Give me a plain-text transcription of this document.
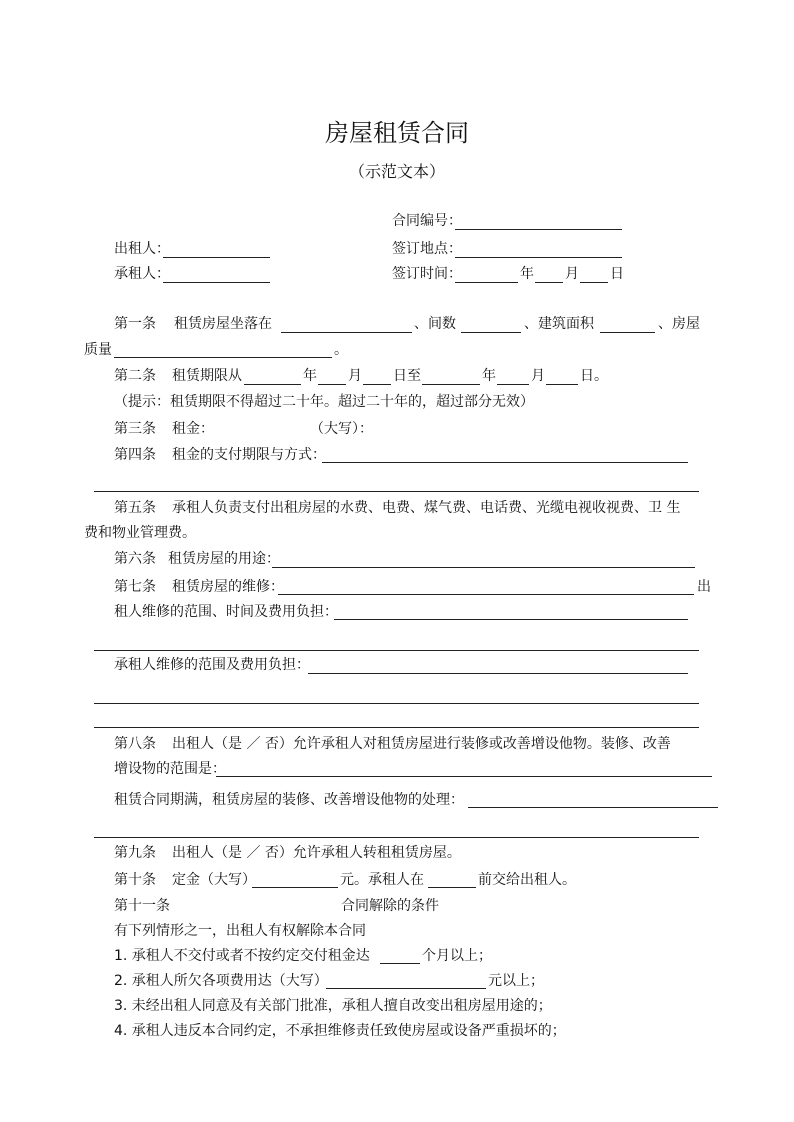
房屋租赁合同
（示范文本）
合同编号：
出租人：	签订地点：
承租人：	签订时间：	年 月 日
第一条 租赁房屋坐落在	、间数	、建筑面积	、房屋
质量	。
第二条 租赁期限从	年 月 日至	年	月	日。
（提示：租赁期限不得超过二十年。超过二十年的，超过部分无效）
第三条 租金：	（大写）：
第四条 租金的支付期限与方式：
第五条 承租人负责支付出租房屋的水费、电费、煤气费、电话费、光缆电视收视费、卫 生
费和物业管理费。
第六条 租赁房屋的用途：
第七条 租赁房屋的维修：	出
租人维修的范围、时间及费用负担：
承租人维修的范围及费用负担：
第八条 出租人（是 ／ 否）允许承租人对租赁房屋进行装修或改善增设他物。装修、改善
增设物的范围是：
租赁合同期满，租赁房屋的装修、改善增设他物的处理：
第九条 出租人（是 ／ 否）允许承租人转租租赁房屋。
第十条 定金（大写）	元。承租人在	前交给出租人。
第十一条	合同解除的条件
有下列情形之一，出租人有权解除本合同
1. 承租人不交付或者不按约定交付租金达	个月以上；
2. 承租人所欠各项费用达（大写）	元以上；
3. 未经出租人同意及有关部门批准，承租人擅自改变出租房屋用途的；
4. 承租人违反本合同约定，不承担维修责任致使房屋或设备严重损坏的；
